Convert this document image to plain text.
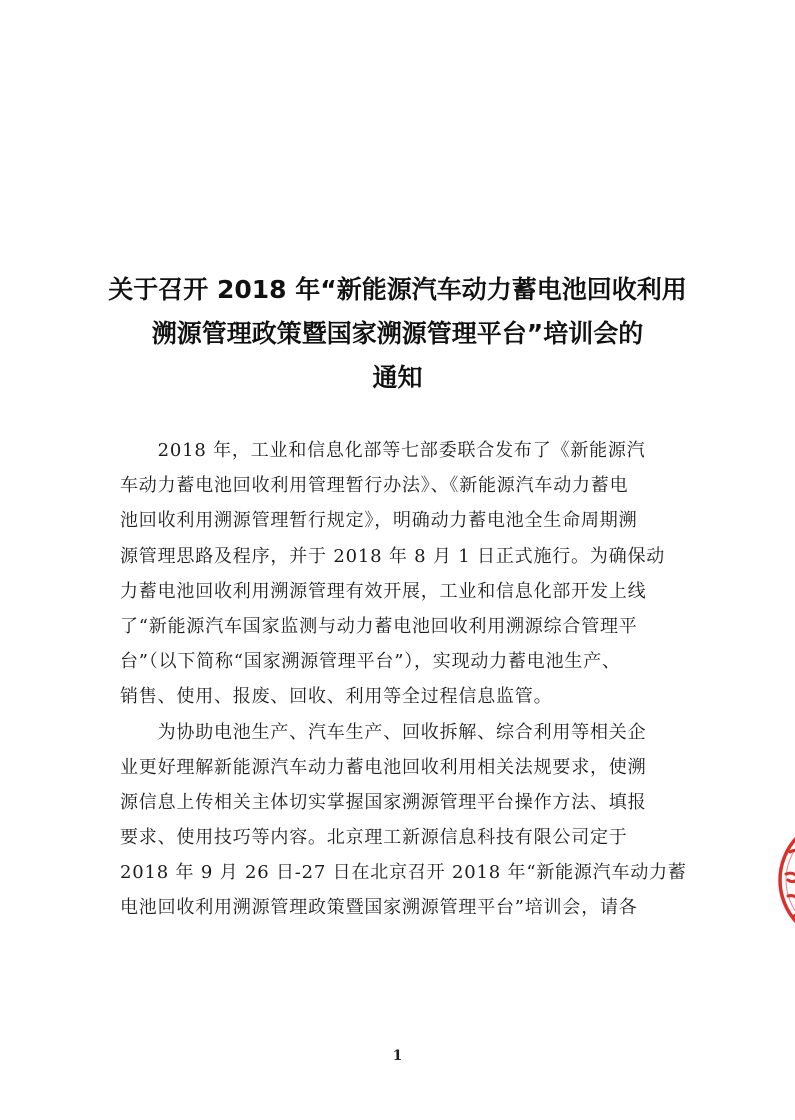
关于召开 2018 年“新能源汽车动力蓄电池回收利用
溯源管理政策暨国家溯源管理平台”培训会的
通知
　　2018 年，工业和信息化部等七部委联合发布了《新能源汽
车动力蓄电池回收利用管理暂行办法》、《新能源汽车动力蓄电
池回收利用溯源管理暂行规定》，明确动力蓄电池全生命周期溯
源管理思路及程序，并于 2018 年 8 月 1 日正式施行。为确保动
力蓄电池回收利用溯源管理有效开展，工业和信息化部开发上线
了“新能源汽车国家监测与动力蓄电池回收利用溯源综合管理平
台”（以下简称“国家溯源管理平台”），实现动力蓄电池生产、
销售、使用、报废、回收、利用等全过程信息监管。
　　为协助电池生产、汽车生产、回收拆解、综合利用等相关企
业更好理解新能源汽车动力蓄电池回收利用相关法规要求，使溯
源信息上传相关主体切实掌握国家溯源管理平台操作方法、填报
要求、使用技巧等内容。北京理工新源信息科技有限公司定于
2018 年 9 月 26 日-27 日在北京召开 2018 年“新能源汽车动力蓄
电池回收利用溯源管理政策暨国家溯源管理平台”培训会，请各
1
